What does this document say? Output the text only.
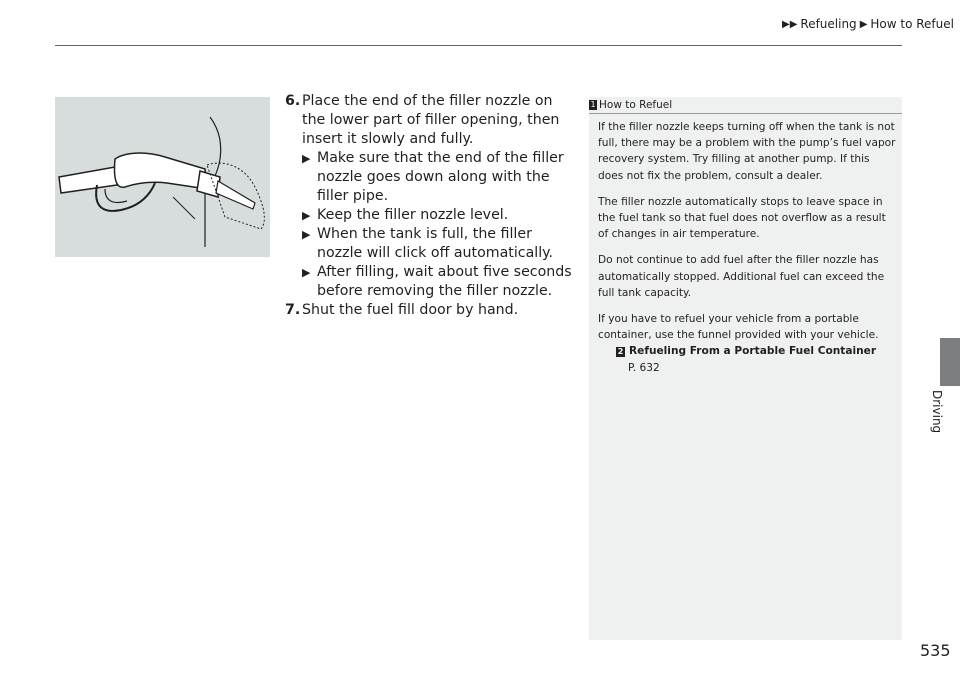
▶▶ Refueling ▶ How to Refuel
6. Place the end of the filler nozzle on the lower part of filler opening, then insert it slowly and fully.
▶ Make sure that the end of the filler nozzle goes down along with the filler pipe.
▶ Keep the filler nozzle level.
▶ When the tank is full, the filler nozzle will click off automatically.
▶ After filling, wait about five seconds before removing the filler nozzle.
7. Shut the fuel fill door by hand.
1 How to Refuel

If the filler nozzle keeps turning off when the tank is not full, there may be a problem with the pump’s fuel vapor recovery system. Try filling at another pump. If this does not fix the problem, consult a dealer.

The filler nozzle automatically stops to leave space in the fuel tank so that fuel does not overflow as a result of changes in air temperature.

Do not continue to add fuel after the filler nozzle has automatically stopped. Additional fuel can exceed the full tank capacity.

If you have to refuel your vehicle from a portable container, use the funnel provided with your vehicle.

2 Refueling From a Portable Fuel Container
P. 632
Driving
535
